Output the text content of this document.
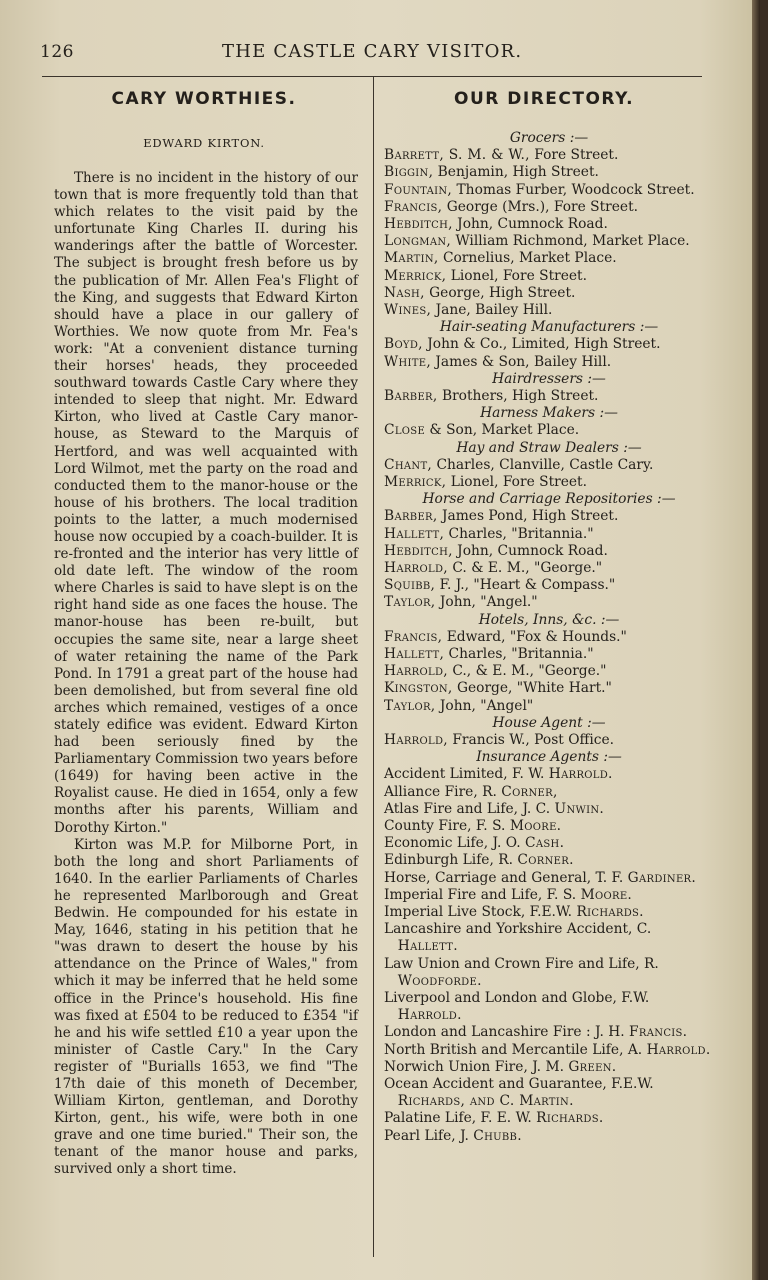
126	THE CASTLE CARY VISITOR.
CARY WORTHIES.
EDWARD KIRTON.

There is no incident in the history of our town that is more frequently told than that which relates to the visit paid by the unfortunate King Charles II. during his wanderings after the battle of Worcester. The subject is brought fresh before us by the publication of Mr. Allen Fea's Flight of the King, and suggests that Edward Kirton should have a place in our gallery of Worthies. We now quote from Mr. Fea's work: "At a convenient distance turning their horses' heads, they proceeded southward towards Castle Cary where they intended to sleep that night. Mr. Edward Kirton, who lived at Castle Cary manor-house, as Steward to the Marquis of Hertford, and was well acquainted with Lord Wilmot, met the party on the road and conducted them to the manor-house or the house of his brothers. The local tradition points to the latter, a much modernised house now occupied by a coach-builder. It is re-fronted and the interior has very little of old date left. The window of the room where Charles is said to have slept is on the right hand side as one faces the house. The manor-house has been re-built, but occupies the same site, near a large sheet of water retaining the name of the Park Pond. In 1791 a great part of the house had been demolished, but from several fine old arches which remained, vestiges of a once stately edifice was evident. Edward Kirton had been seriously fined by the Parliamentary Commission two years before (1649) for having been active in the Royalist cause. He died in 1654, only a few months after his parents, William and Dorothy Kirton."

Kirton was M.P. for Milborne Port, in both the long and short Parliaments of 1640. In the earlier Parliaments of Charles he represented Marlborough and Great Bedwin. He compounded for his estate in May, 1646, stating in his petition that he "was drawn to desert the house by his attendance on the Prince of Wales," from which it may be inferred that he held some office in the Prince's household. His fine was fixed at £504 to be reduced to £354 "if he and his wife settled £10 a year upon the minister of Castle Cary." In the Cary register of "Burialls 1653, we find "The 17th daie of this moneth of December, William Kirton, gentleman, and Dorothy Kirton, gent., his wife, were both in one grave and one time buried." Their son, the tenant of the manor house and parks, survived only a short time.

OUR DIRECTORY.
Grocers :—
Barrett, S. M. & W., Fore Street.
Biggin, Benjamin, High Street.
Fountain, Thomas Furber, Woodcock Street.
Francis, George (Mrs.), Fore Street.
Hebditch, John, Cumnock Road.
Longman, William Richmond, Market Place.
Martin, Cornelius, Market Place.
Merrick, Lionel, Fore Street.
Nash, George, High Street.
Wines, Jane, Bailey Hill.
Hair-seating Manufacturers :—
Boyd, John & Co., Limited, High Street.
White, James & Son, Bailey Hill.
Hairdressers :—
Barber, Brothers, High Street.
Harness Makers :—
Close & Son, Market Place.
Hay and Straw Dealers :—
Chant, Charles, Clanville, Castle Cary.
Merrick, Lionel, Fore Street.
Horse and Carriage Repositories :—
Barber, James Pond, High Street.
Hallett, Charles, "Britannia."
Hebditch, John, Cumnock Road.
Harrold, C. & E. M., "George."
Squibb, F. J., "Heart & Compass."
Taylor, John, "Angel."
Hotels, Inns, &c. :—
Francis, Edward, "Fox & Hounds."
Hallett, Charles, "Britannia."
Harrold, C., & E. M., "George."
Kingston, George, "White Hart."
Taylor, John, "Angel"
House Agent :—
Harrold, Francis W., Post Office.
Insurance Agents :—
Accident Limited, F. W. Harrold.
Alliance Fire, R. Corner,
Atlas Fire and Life, J. C. Unwin.
County Fire, F. S. Moore.
Economic Life, J. O. Cash.
Edinburgh Life, R. Corner.
Horse, Carriage and General, T. F. Gardiner.
Imperial Fire and Life, F. S. Moore.
Imperial Live Stock, F.E.W. Richards.
Lancashire and Yorkshire Accident, C. Hallett.
Law Union and Crown Fire and Life, R. Woodforde.
Liverpool and London and Globe, F.W. Harrold.
London and Lancashire Fire : J. H. Francis.
North British and Mercantile Life, A. Harrold.
Norwich Union Fire, J. M. Green.
Ocean Accident and Guarantee, F.E.W. Richards, and C. Martin.
Palatine Life, F. E. W. Richards.
Pearl Life, J. Chubb.
